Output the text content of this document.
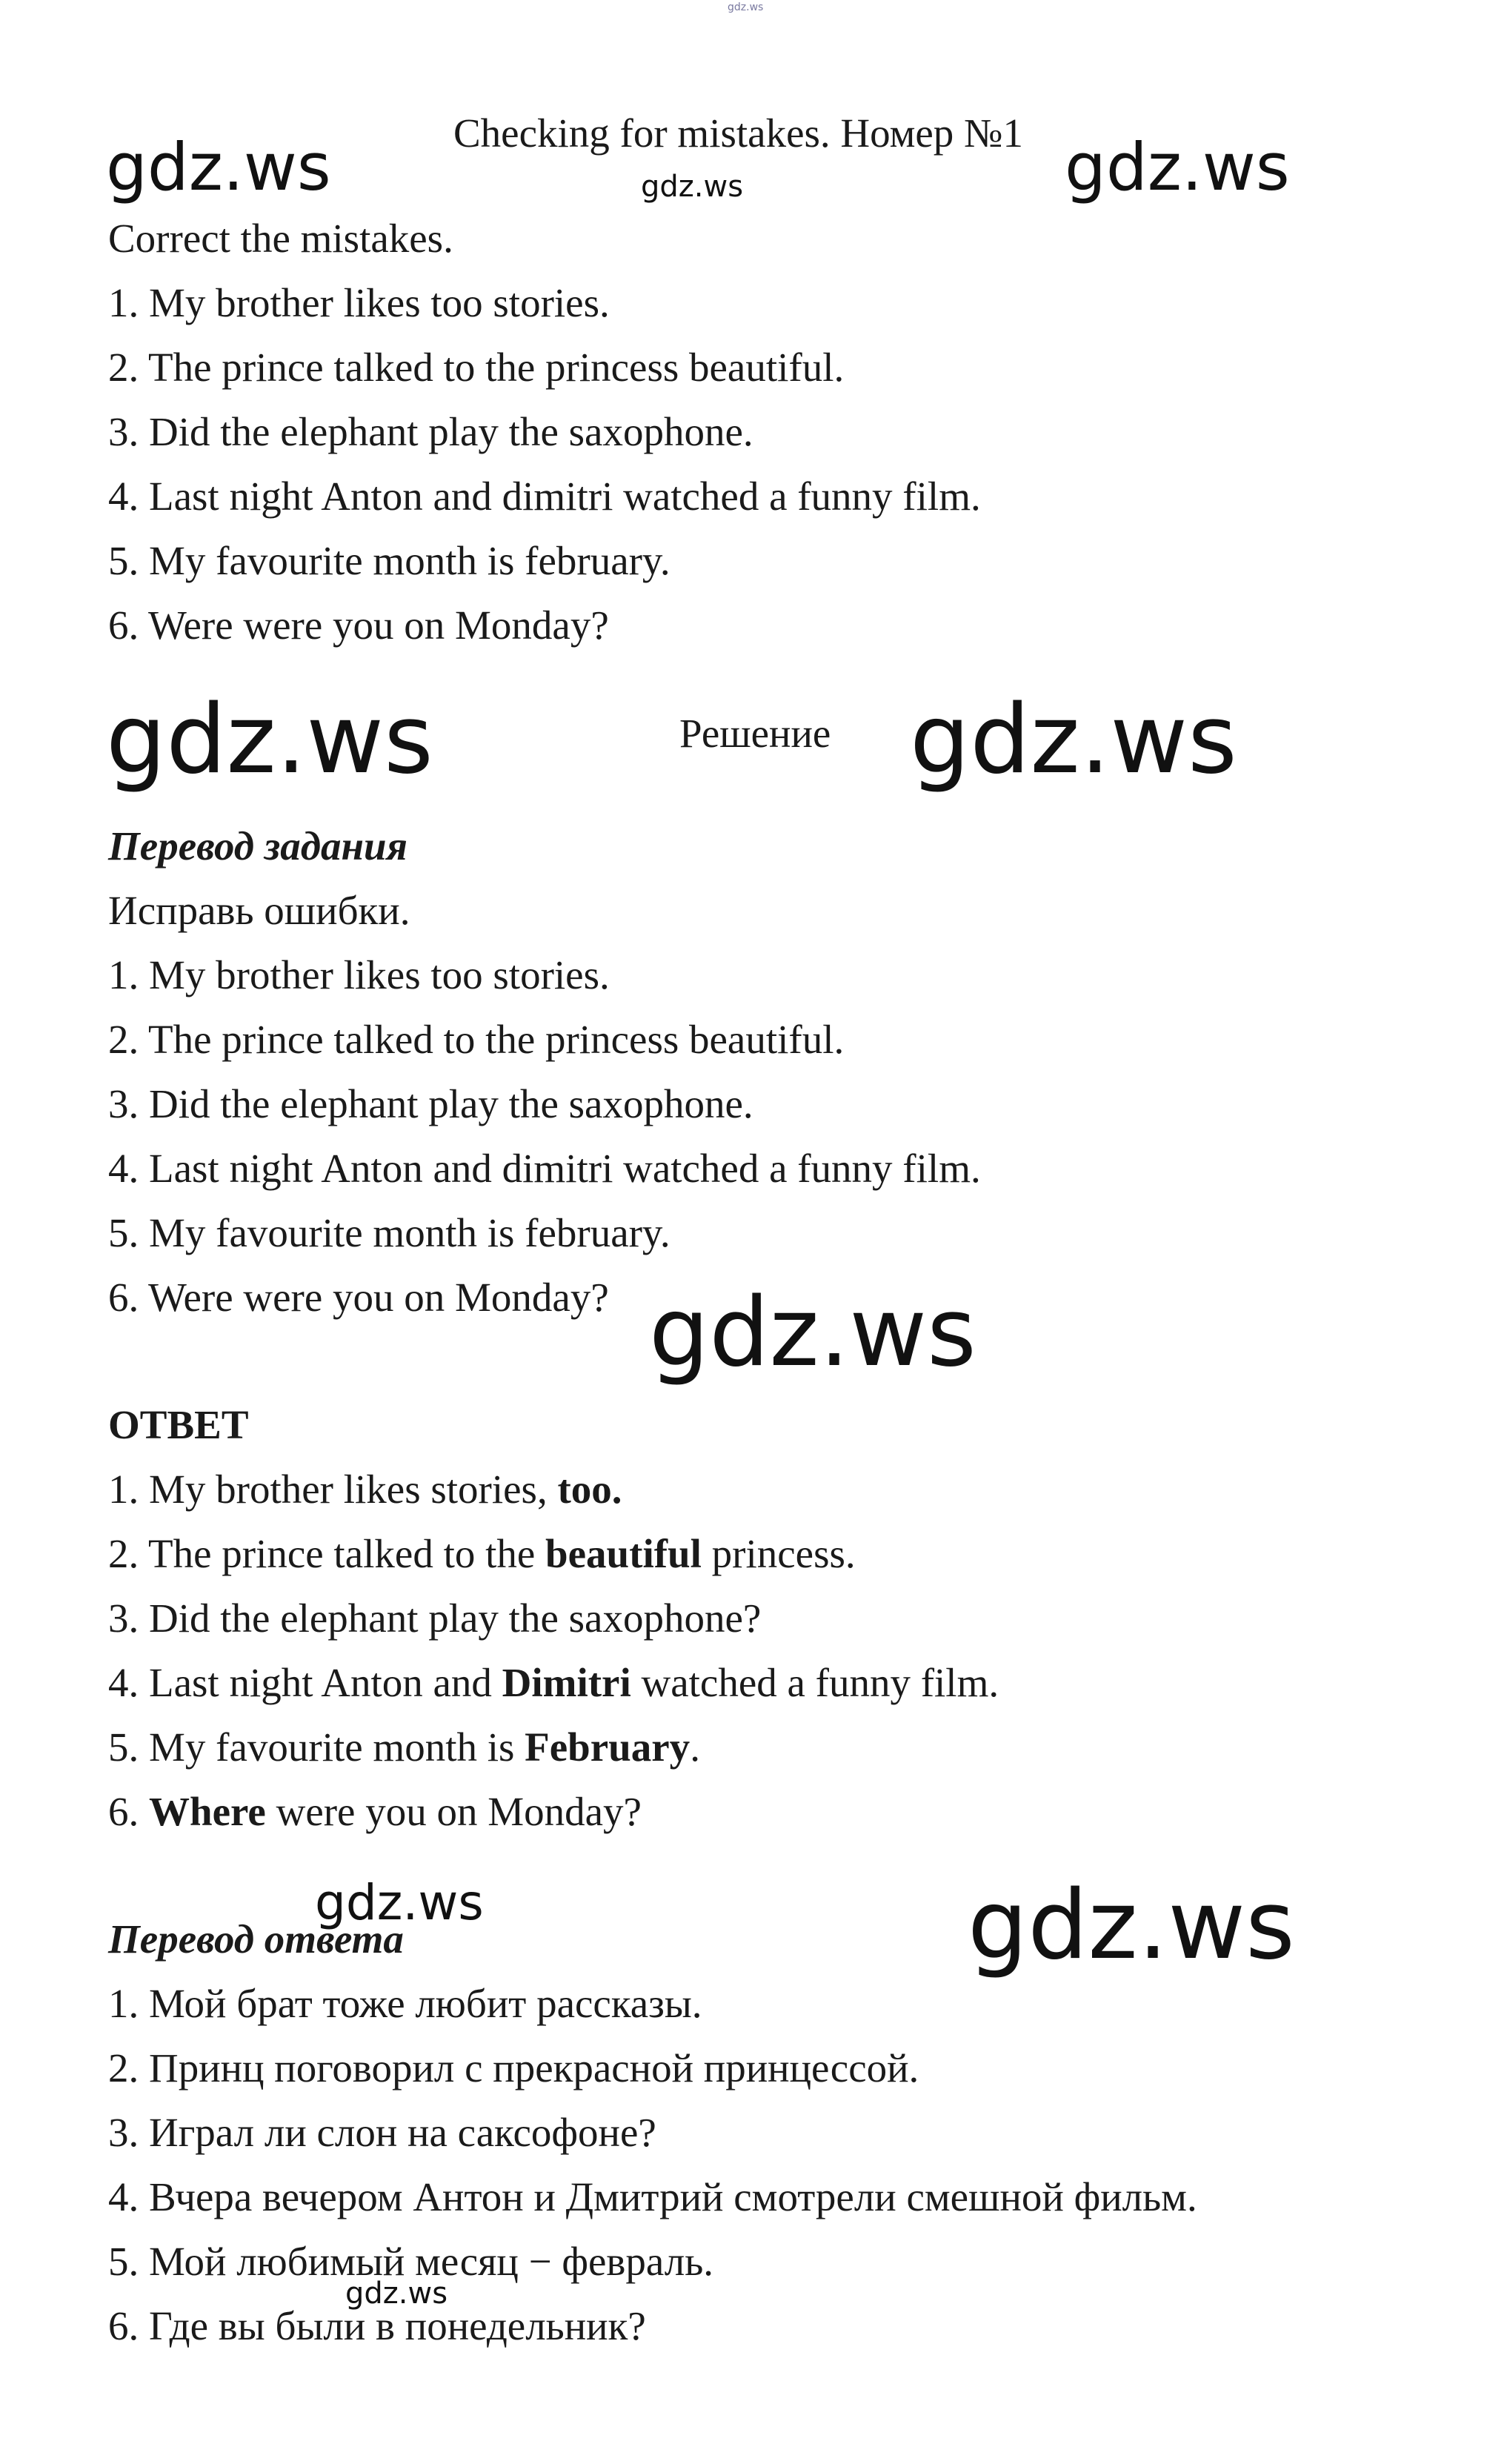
gdz.ws
Checking for mistakes. Номер №1
gdz.ws	gdz.ws	gdz.ws
Correct the mistakes.
1. My brother likes too stories.
2. The prince talked to the princess beautiful.
3. Did the elephant play the saxophone.
4. Last night Anton and dimitri watched a funny film.
5. My favourite month is february.
6. Were were you on Monday?
gdz.ws	Решение gdz.ws
Перевод задания
Исправь ошибки.
1. My brother likes too stories.
2. The prince talked to the princess beautiful.
3. Did the elephant play the saxophone.
4. Last night Anton and dimitri watched a funny film.
5. My favourite month is february.
6. Were were you on Monday? gdz.ws
ОТВЕТ
1. My brother likes stories, too.
2. The prince talked to the beautiful princess.
3. Did the elephant play the saxophone?
4. Last night Anton and Dimitri watched a funny film.
5. My favourite month is February.
6. Where were you on Monday?
gdz.ws	gdz.ws
Перевод ответа
1. Мой брат тоже любит рассказы.
2. Принц поговорил с прекрасной принцессой.
3. Играл ли слон на саксофоне?
4. Вчера вечером Антон и Дмитрий смотрели смешной фильм.
5. Мой любимый месяц − февраль.
6. Где вы были в понедельник?
gdz.ws
